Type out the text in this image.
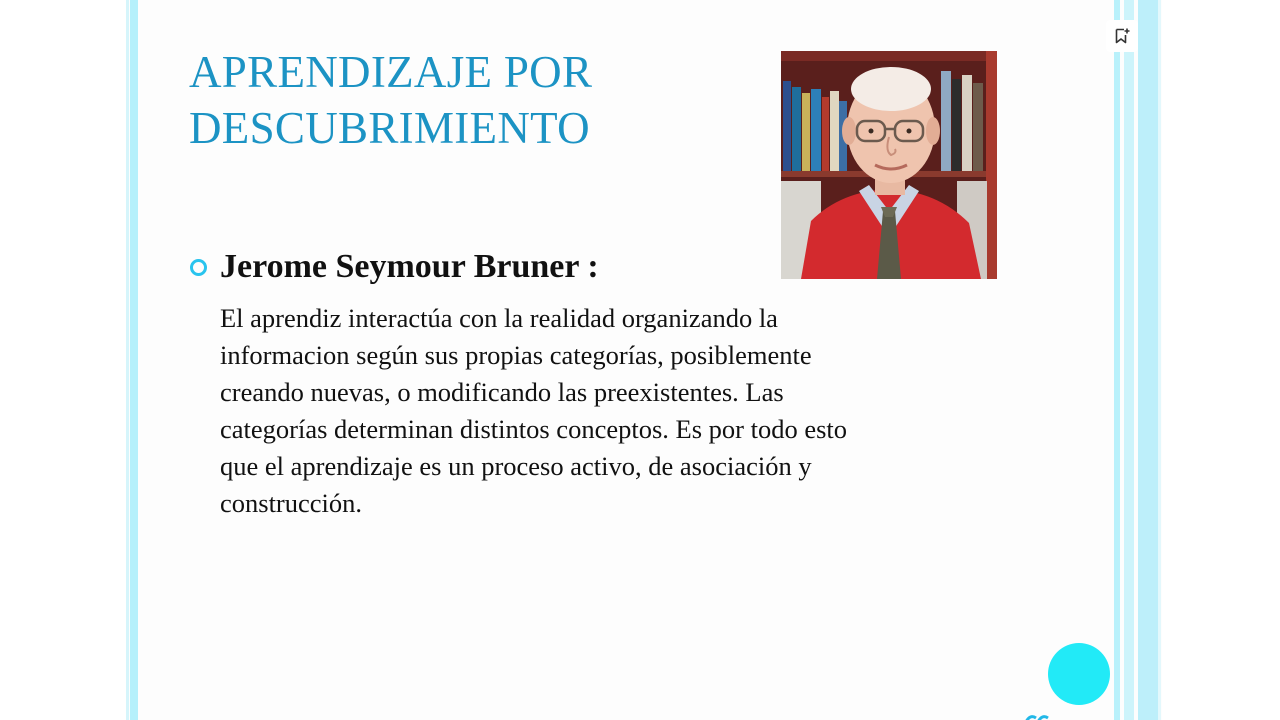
APRENDIZAJE POR
DESCUBRIMIENTO
Jerome Seymour Bruner :

El aprendiz interactúa con la realidad organizando la
informacion según sus propias categorías, posiblemente
creando nuevas, o modificando las preexistentes. Las
categorías determinan distintos conceptos. Es por todo esto
que el aprendizaje es un proceso activo, de asociación y
construcción.
